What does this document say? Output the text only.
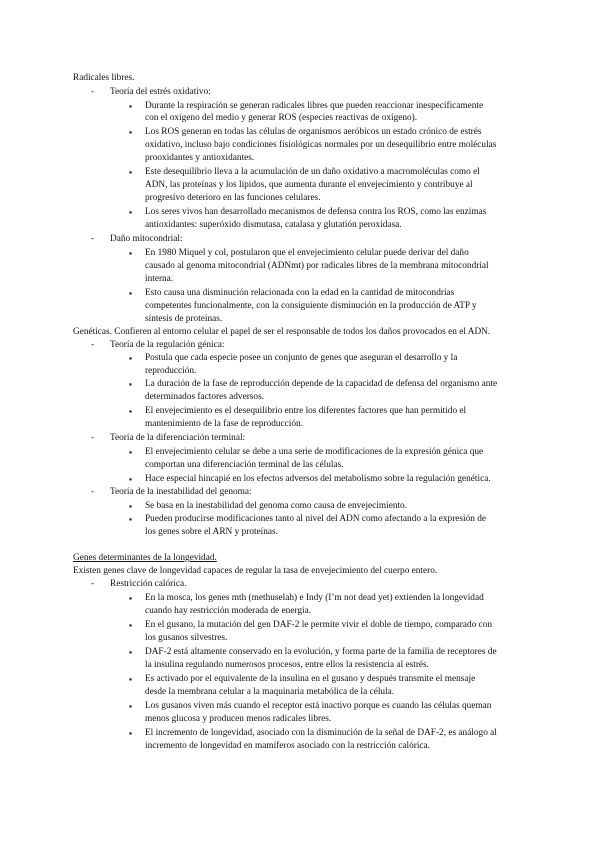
Radicales libres.
- Teoría del estrés oxidativo:
▪ Durante la respiración se generan radicales libres que pueden reaccionar inespecíficamente
con el oxígeno del medio y generar ROS (especies reactivas de oxígeno).
▪ Los ROS generan en todas las células de organismos aeróbicos un estado crónico de estrés
oxidativo, incluso bajo condiciones fisiológicas normales por un desequilibrio entre moléculas
prooxidantes y antioxidantes.
▪ Este desequilibrio lleva a la acumulación de un daño oxidativo a macromoléculas como el
ADN, las proteínas y los lípidos, que aumenta durante el envejecimiento y contribuye al
progresivo deterioro en las funciones celulares.
▪ Los seres vivos han desarrollado mecanismos de defensa contra los ROS, como las enzimas
antioxidantes: superóxido dismutasa, catalasa y glutatión peroxidasa.
- Daño mitocondrial:
▪ En 1980 Miquel y col, postularon que el envejecimiento celular puede derivar del daño
causado al genoma mitocondrial (ADNmt) por radicales libres de la membrana mitocondrial
interna.
▪ Esto causa una disminución relacionada con la edad en la cantidad de mitocondrias
competentes funcionalmente, con la consiguiente disminución en la producción de ATP y
síntesis de proteínas.
Genéticas. Confieren al entorno celular el papel de ser el responsable de todos los daños provocados en el ADN.
- Teoría de la regulación génica:
▪ Postula que cada especie posee un conjunto de genes que aseguran el desarrollo y la
reproducción.
▪ La duración de la fase de reproducción depende de la capacidad de defensa del organismo ante
determinados factores adversos.
▪ El envejecimiento es el desequilibrio entre los diferentes factores que han permitido el
mantenimiento de la fase de reproducción.
- Teoría de la diferenciación terminal:
▪ El envejecimiento celular se debe a una serie de modificaciones de la expresión génica que
comportan una diferenciación terminal de las células.
▪ Hace especial hincapié en los efectos adversos del metabolismo sobre la regulación genética.
- Teoría de la inestabilidad del genoma:
▪ Se basa en la inestabilidad del genoma como causa de envejecimiento.
▪ Pueden producirse modificaciones tanto al nivel del ADN como afectando a la expresión de
los genes sobre el ARN y proteínas.
Genes determinantes de la longevidad.
Existen genes clave de longevidad capaces de regular la tasa de envejecimiento del cuerpo entero.
- Restricción calórica.
▪ En la mosca, los genes mth (methuselah) e Indy (I’m not dead yet) extienden la longevidad
cuando hay restricción moderada de energía.
▪ En el gusano, la mutación del gen DAF-2 le permite vivir el doble de tiempo, comparado con
los gusanos silvestres.
▪ DAF-2 está altamente conservado en la evolución, y forma parte de la familia de receptores de
la insulina regulando numerosos procesos, entre ellos la resistencia al estrés.
▪ Es activado por el equivalente de la insulina en el gusano y después transmite el mensaje
desde la membrana celular a la maquinaria metabólica de la célula.
▪ Los gusanos viven más cuando el receptor está inactivo porque es cuando las células queman
menos glucosa y producen menos radicales libres.
▪ El incremento de longevidad, asociado con la disminución de la señal de DAF-2, es análogo al
incremento de longevidad en mamíferos asociado con la restricción calórica.
